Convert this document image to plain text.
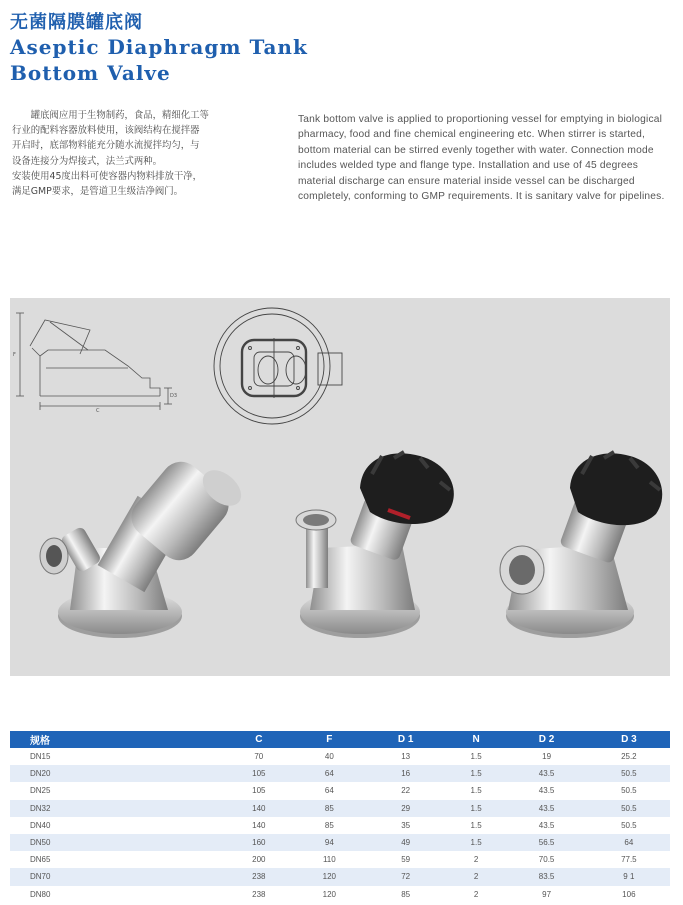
无菌隔膜罐底阀
Aseptic Diaphragm Tank
Bottom Valve

罐底阀应用于生物制药，食品，精细化工等

行业的配料容器放料使用，该阀结构在搅拌器

开启时，底部物料能充分随水流搅拌均匀，与

设备连接分为焊接式，法兰式两种。

安装使用45度出料可使容器内物料排放干净，

满足GMP要求，是管道卫生级洁净阀门。

Tank bottom valve is applied to proportioning vessel for emptying in biological pharmacy, food and fine chemical engineering etc. When stirrer is started, bottom material can be stirred evenly together with water. Connection mode includes welded type and flange type. Installation and use of 45 degrees material discharge can ensure material inside vessel can be discharged completely, conforming to GMP requirements. It is sanitary valve for pipelines.
F
C
D3
规格	C	F	D 1	N	D 2	D 3
DN15	70	40	13	1.5	19	25.2
DN20	105	64	16	1.5	43.5	50.5
DN25	105	64	22	1.5	43.5	50.5
DN32	140	85	29	1.5	43.5	50.5
DN40	140	85	35	1.5	43.5	50.5
DN50	160	94	49	1.5	56.5	64
DN65	200	110	59	2	70.5	77.5
DN70	238	120	72	2	83.5	9 1
DN80	238	120	85	2	97	106
